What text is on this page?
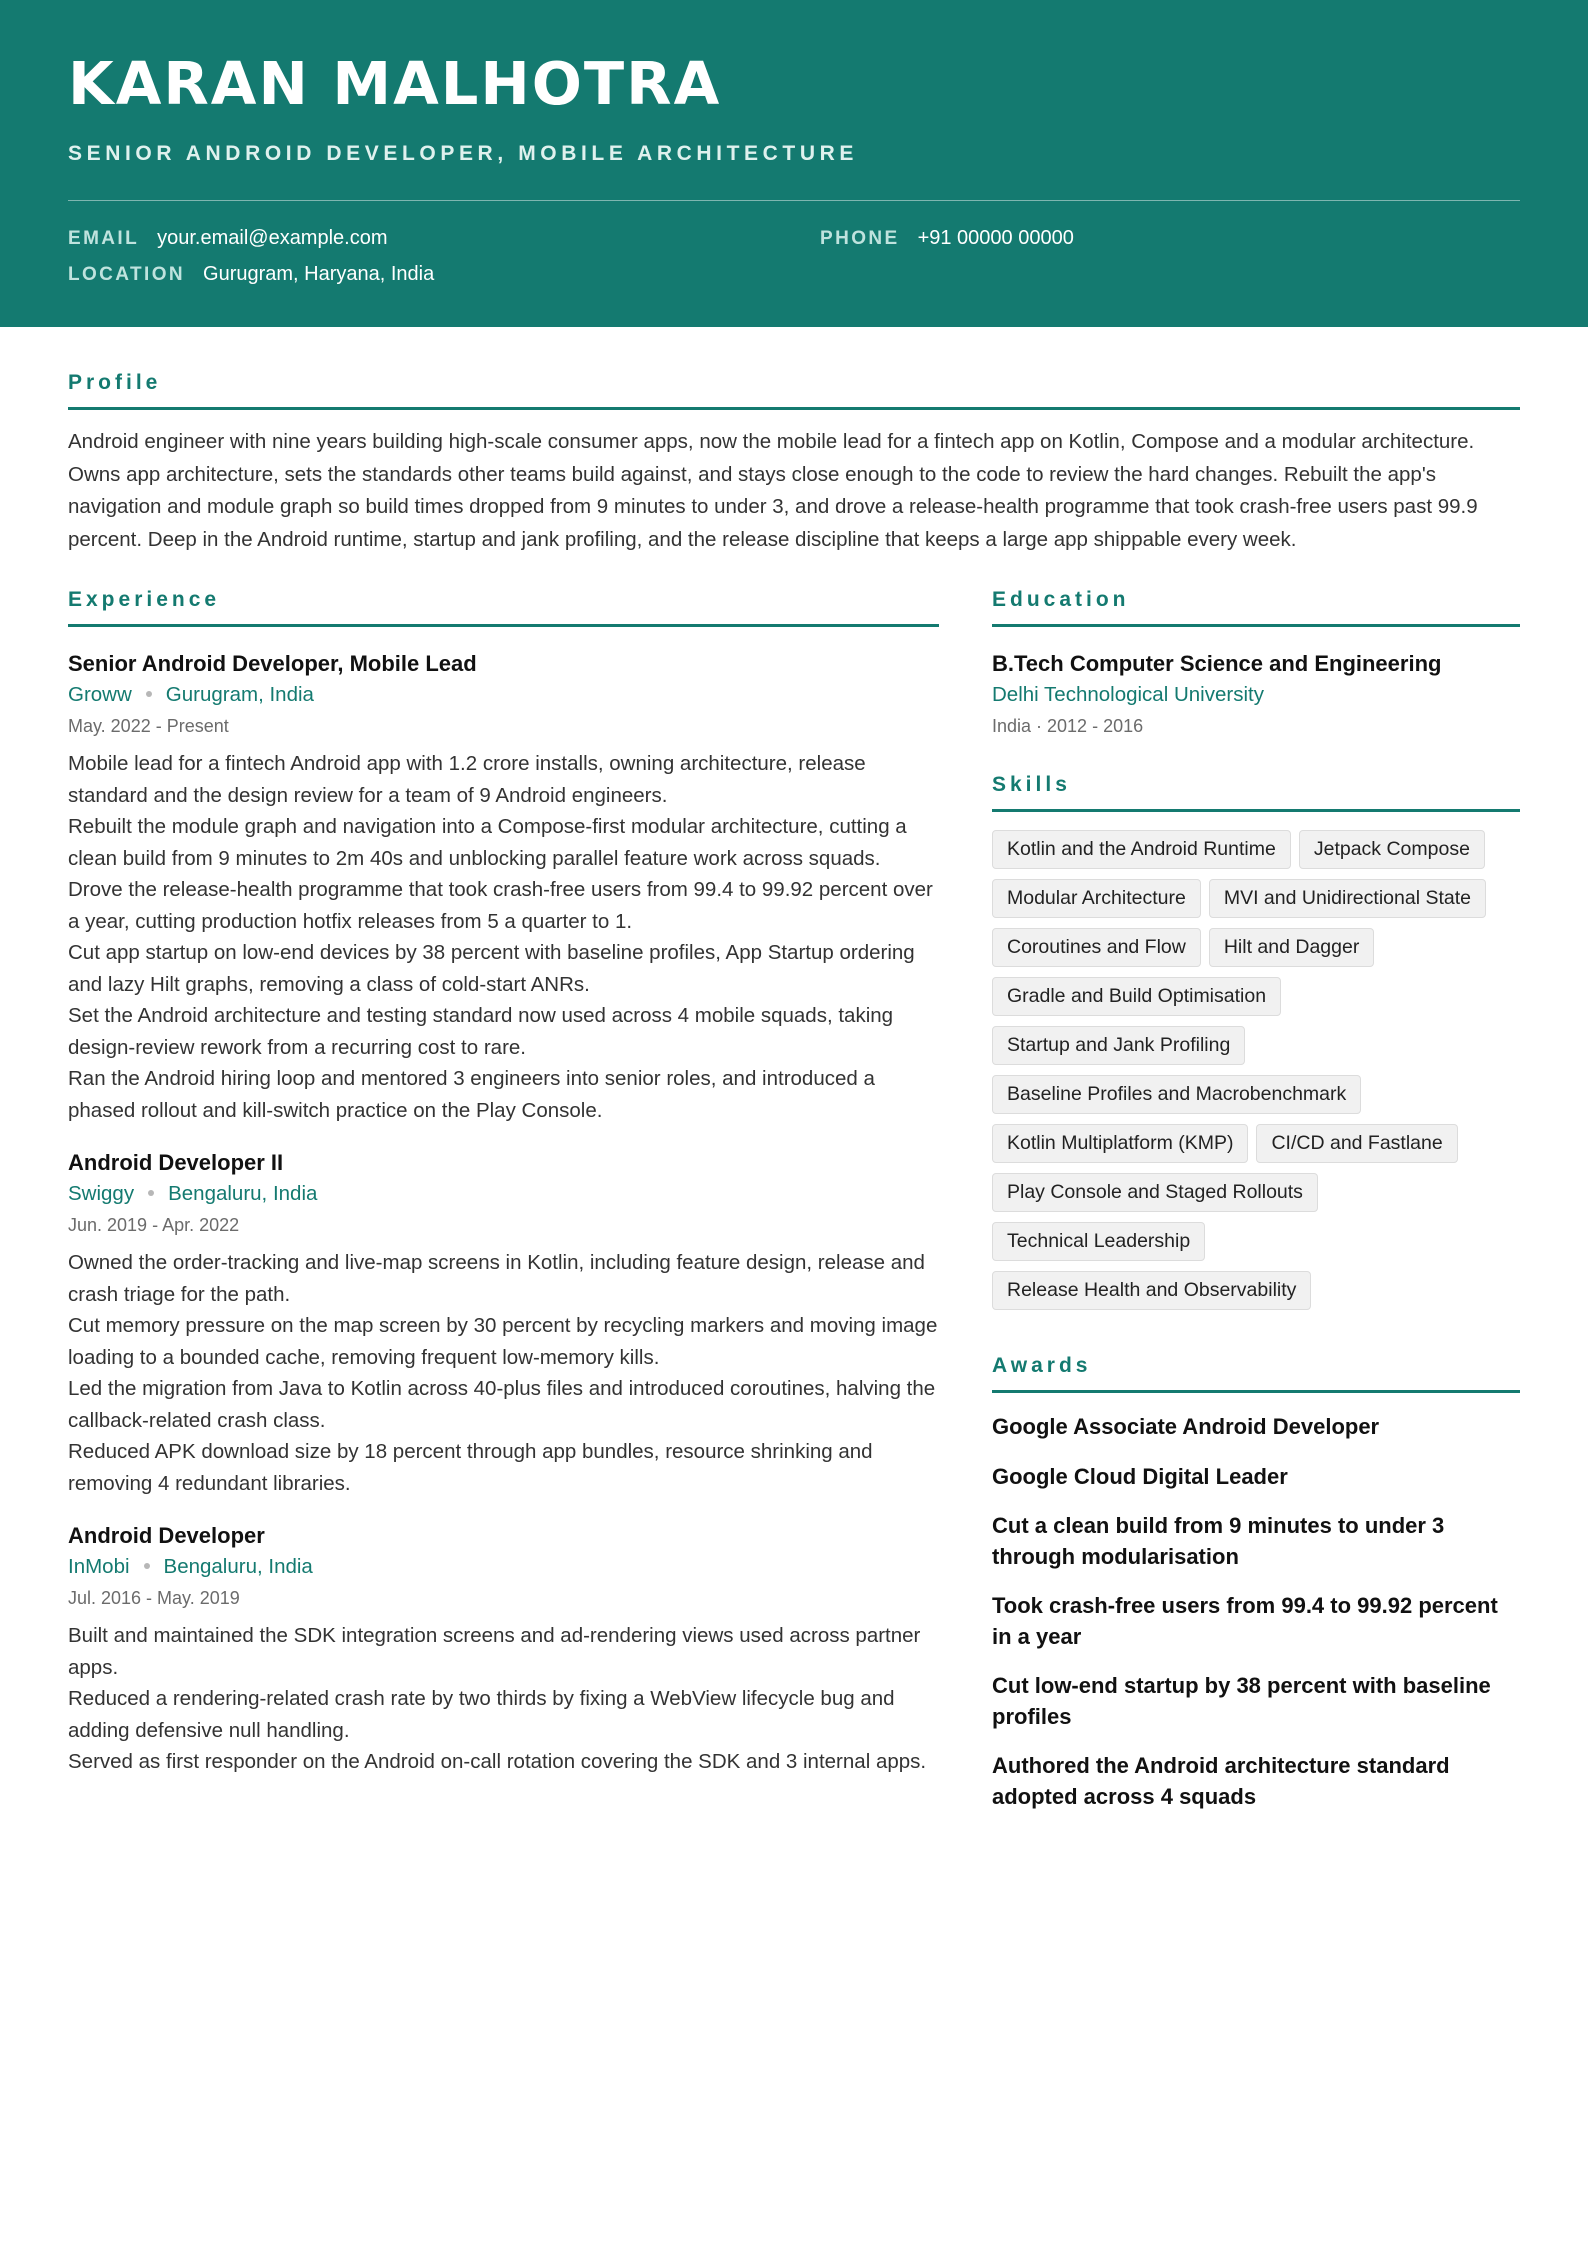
KARAN MALHOTRA
SENIOR ANDROID DEVELOPER, MOBILE ARCHITECTURE
EMAIL your.email@example.com	PHONE +91 00000 00000
LOCATION Gurugram, Haryana, India
Profile
Android engineer with nine years building high-scale consumer apps, now the mobile lead for a fintech app on Kotlin, Compose and a modular architecture. Owns app architecture, sets the standards other teams build against, and stays close enough to the code to review the hard changes. Rebuilt the app's navigation and module graph so build times dropped from 9 minutes to under 3, and drove a release-health programme that took crash-free users past 99.9 percent. Deep in the Android runtime, startup and jank profiling, and the release discipline that keeps a large app shippable every week.
Experience
Senior Android Developer, Mobile Lead
Groww Gurugram, India
May. 2022 - Present
Mobile lead for a fintech Android app with 1.2 crore installs, owning architecture, release standard and the design review for a team of 9 Android engineers.
Rebuilt the module graph and navigation into a Compose-first modular architecture, cutting a clean build from 9 minutes to 2m 40s and unblocking parallel feature work across squads.
Drove the release-health programme that took crash-free users from 99.4 to 99.92 percent over a year, cutting production hotfix releases from 5 a quarter to 1.
Cut app startup on low-end devices by 38 percent with baseline profiles, App Startup ordering and lazy Hilt graphs, removing a class of cold-start ANRs.
Set the Android architecture and testing standard now used across 4 mobile squads, taking design-review rework from a recurring cost to rare.
Ran the Android hiring loop and mentored 3 engineers into senior roles, and introduced a phased rollout and kill-switch practice on the Play Console.
Android Developer II
Swiggy Bengaluru, India
Jun. 2019 - Apr. 2022
Owned the order-tracking and live-map screens in Kotlin, including feature design, release and crash triage for the path.
Cut memory pressure on the map screen by 30 percent by recycling markers and moving image loading to a bounded cache, removing frequent low-memory kills.
Led the migration from Java to Kotlin across 40-plus files and introduced coroutines, halving the callback-related crash class.
Reduced APK download size by 18 percent through app bundles, resource shrinking and removing 4 redundant libraries.
Android Developer
InMobi Bengaluru, India
Jul. 2016 - May. 2019
Built and maintained the SDK integration screens and ad-rendering views used across partner apps.
Reduced a rendering-related crash rate by two thirds by fixing a WebView lifecycle bug and adding defensive null handling.
Served as first responder on the Android on-call rotation covering the SDK and 3 internal apps.
Education
B.Tech Computer Science and Engineering
Delhi Technological University
India · 2012 - 2016
Skills
Kotlin and the Android Runtime	Jetpack Compose
Modular Architecture	MVI and Unidirectional State
Coroutines and Flow	Hilt and Dagger
Gradle and Build Optimisation
Startup and Jank Profiling
Baseline Profiles and Macrobenchmark
Kotlin Multiplatform (KMP)	CI/CD and Fastlane
Play Console and Staged Rollouts
Technical Leadership
Release Health and Observability
Awards
Google Associate Android Developer
Google Cloud Digital Leader
Cut a clean build from 9 minutes to under 3 through modularisation
Took crash-free users from 99.4 to 99.92 percent in a year
Cut low-end startup by 38 percent with baseline profiles
Authored the Android architecture standard adopted across 4 squads
